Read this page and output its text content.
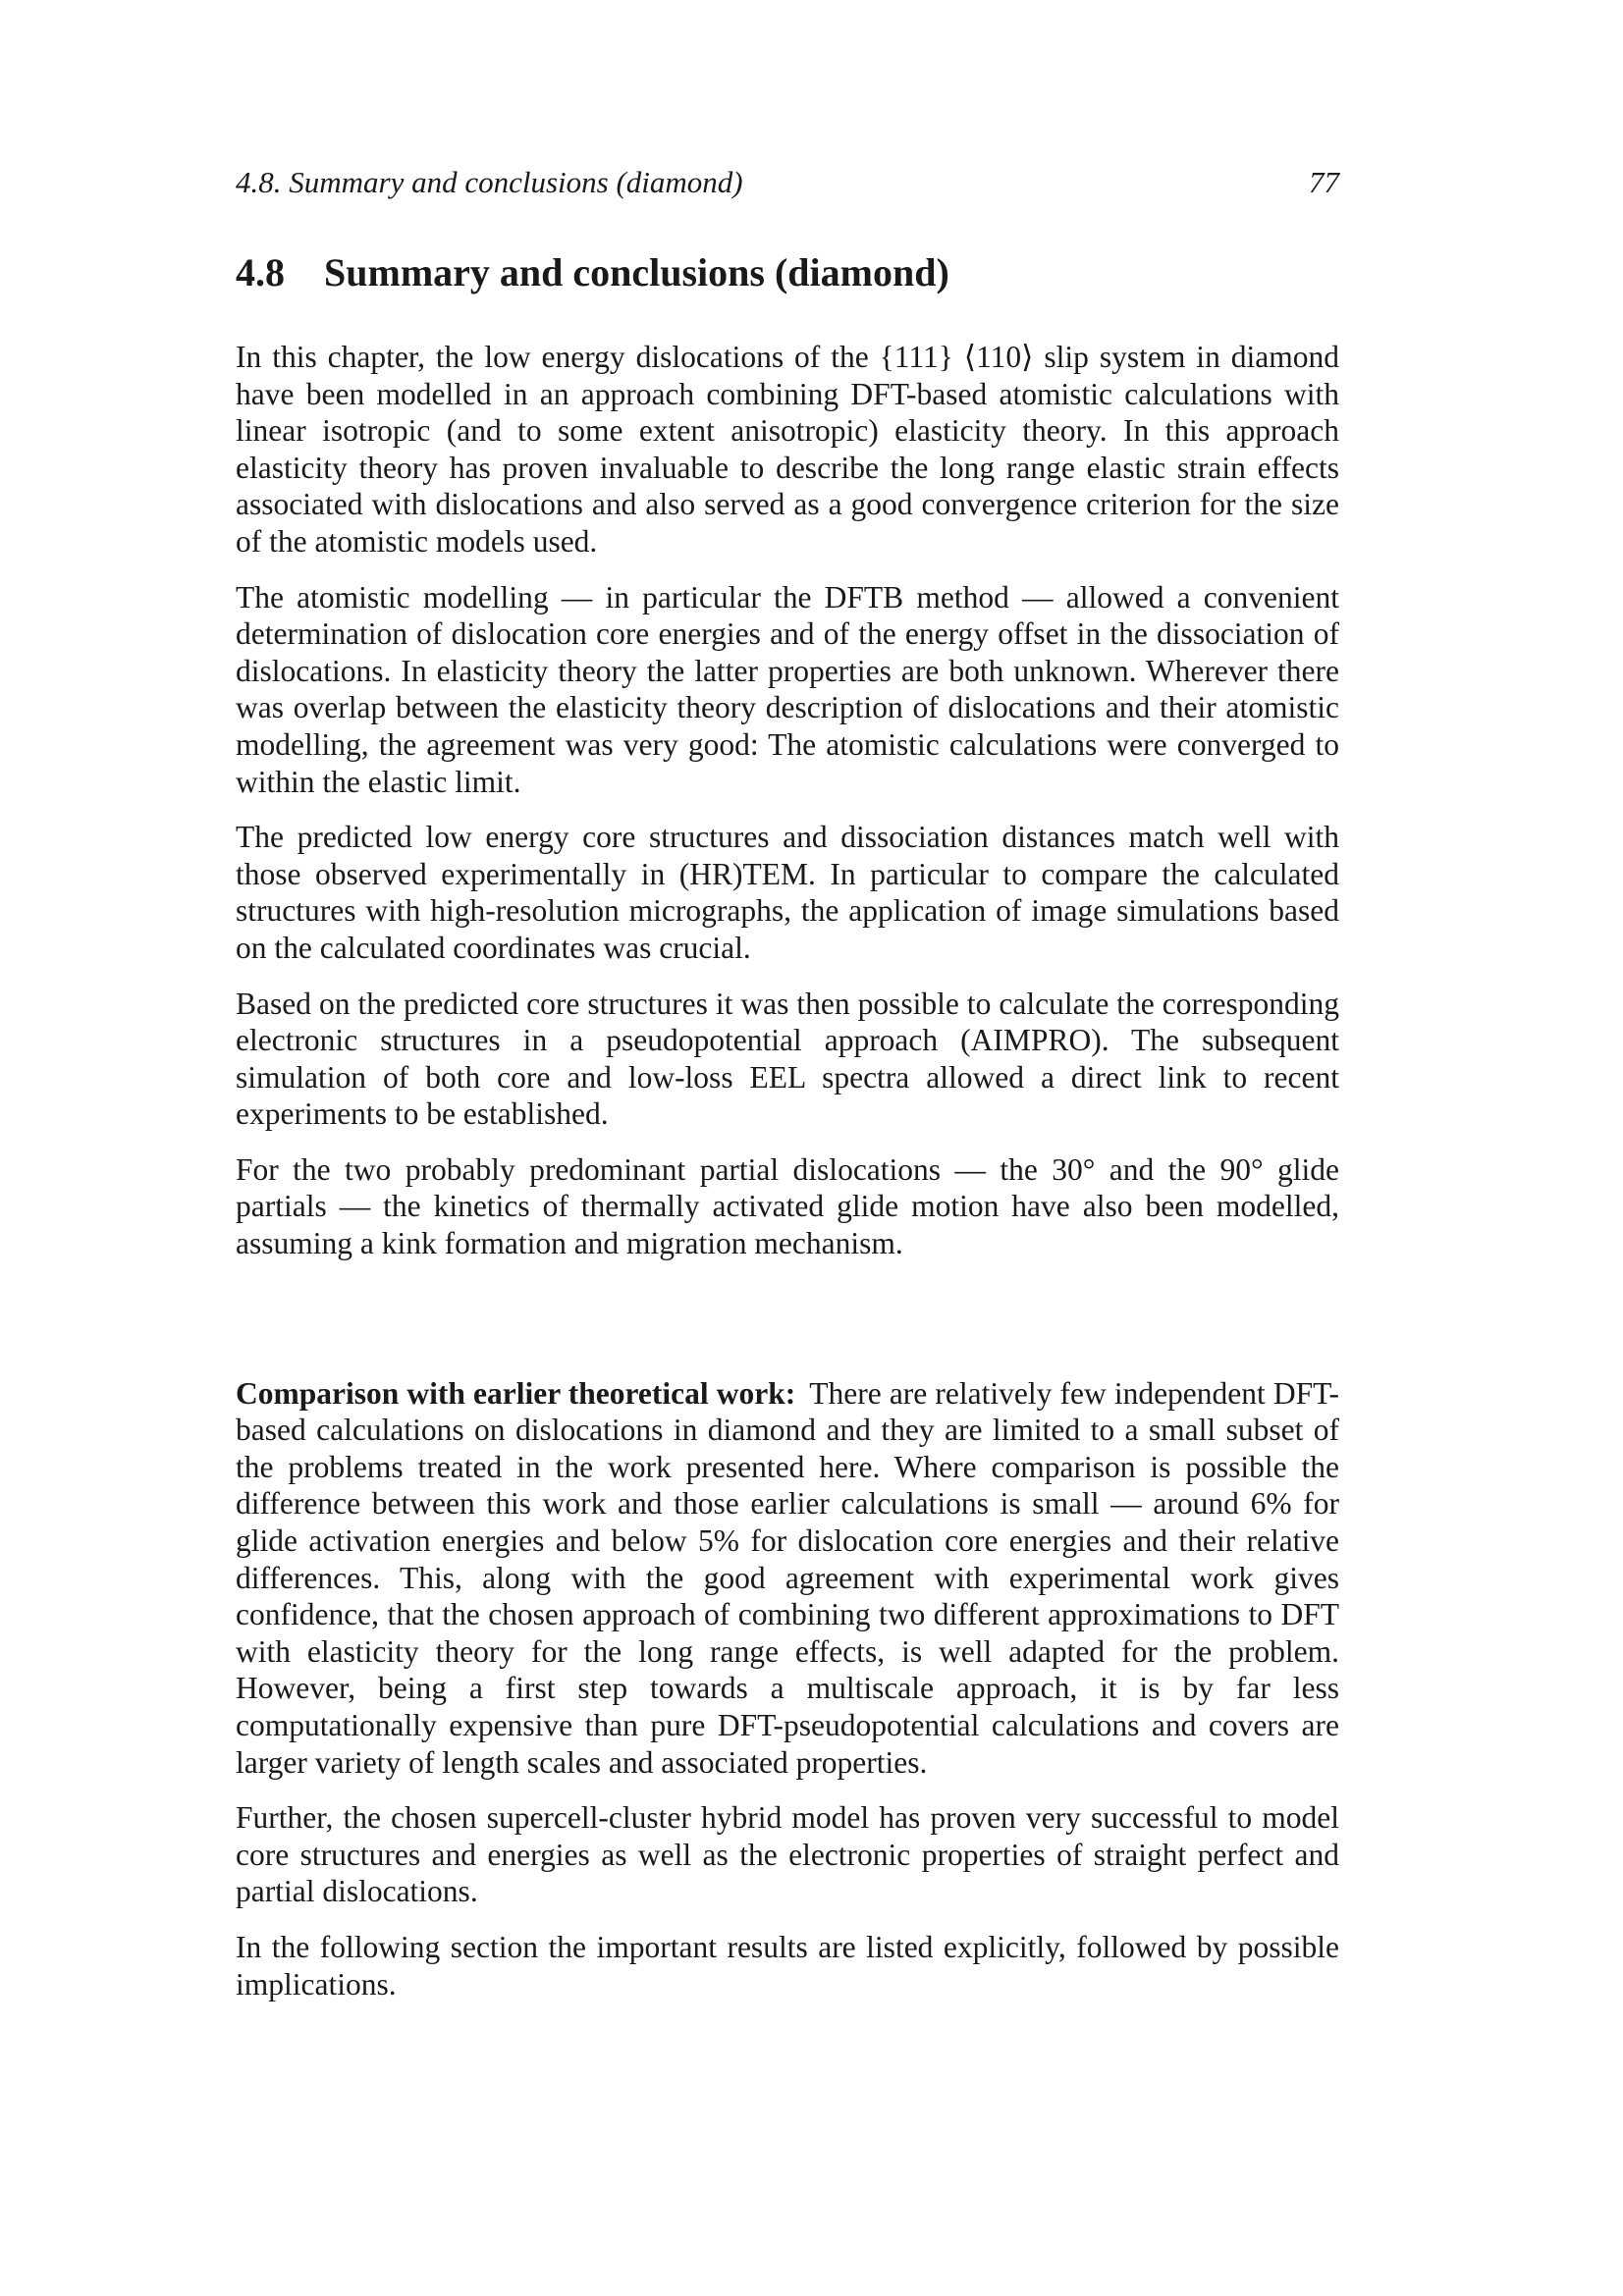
4.8. Summary and conclusions (diamond)	77
4.8 Summary and conclusions (diamond)

In this chapter, the low energy dislocations of the {111} ⟨110⟩ slip system in diamond have been modelled in an approach combining DFT-based atomistic calculations with linear isotropic (and to some extent anisotropic) elasticity theory. In this approach elasticity theory has proven invaluable to describe the long range elastic strain effects associated with dislocations and also served as a good convergence criterion for the size of the atomistic models used.

The atomistic modelling — in particular the DFTB method — allowed a convenient determination of dislocation core energies and of the energy offset in the dissociation of dislocations. In elasticity theory the latter properties are both unknown. Wherever there was overlap between the elasticity theory description of dislocations and their atomistic modelling, the agreement was very good: The atomistic calculations were converged to within the elastic limit.

The predicted low energy core structures and dissociation distances match well with those observed experimentally in (HR)TEM. In particular to compare the calculated structures with high-resolution micrographs, the application of image simulations based on the calculated coordinates was crucial.

Based on the predicted core structures it was then possible to calculate the corresponding electronic structures in a pseudopotential approach (AIMPRO). The subsequent simulation of both core and low-loss EEL spectra allowed a direct link to recent experiments to be established.

For the two probably predominant partial dislocations — the 30° and the 90° glide partials — the kinetics of thermally activated glide motion have also been modelled, assuming a kink formation and migration mechanism.

Comparison with earlier theoretical work: There are relatively few independent DFT-based calculations on dislocations in diamond and they are limited to a small subset of the problems treated in the work presented here. Where comparison is possible the difference between this work and those earlier calculations is small — around 6% for glide activation energies and below 5% for dislocation core energies and their relative differences. This, along with the good agreement with experimental work gives confidence, that the chosen approach of combining two different approximations to DFT with elasticity theory for the long range effects, is well adapted for the problem. However, being a first step towards a multiscale approach, it is by far less computationally expensive than pure DFT-pseudopotential calculations and covers are larger variety of length scales and associated properties.

Further, the chosen supercell-cluster hybrid model has proven very successful to model core structures and energies as well as the electronic properties of straight perfect and partial dislocations.

In the following section the important results are listed explicitly, followed by possible implications.
